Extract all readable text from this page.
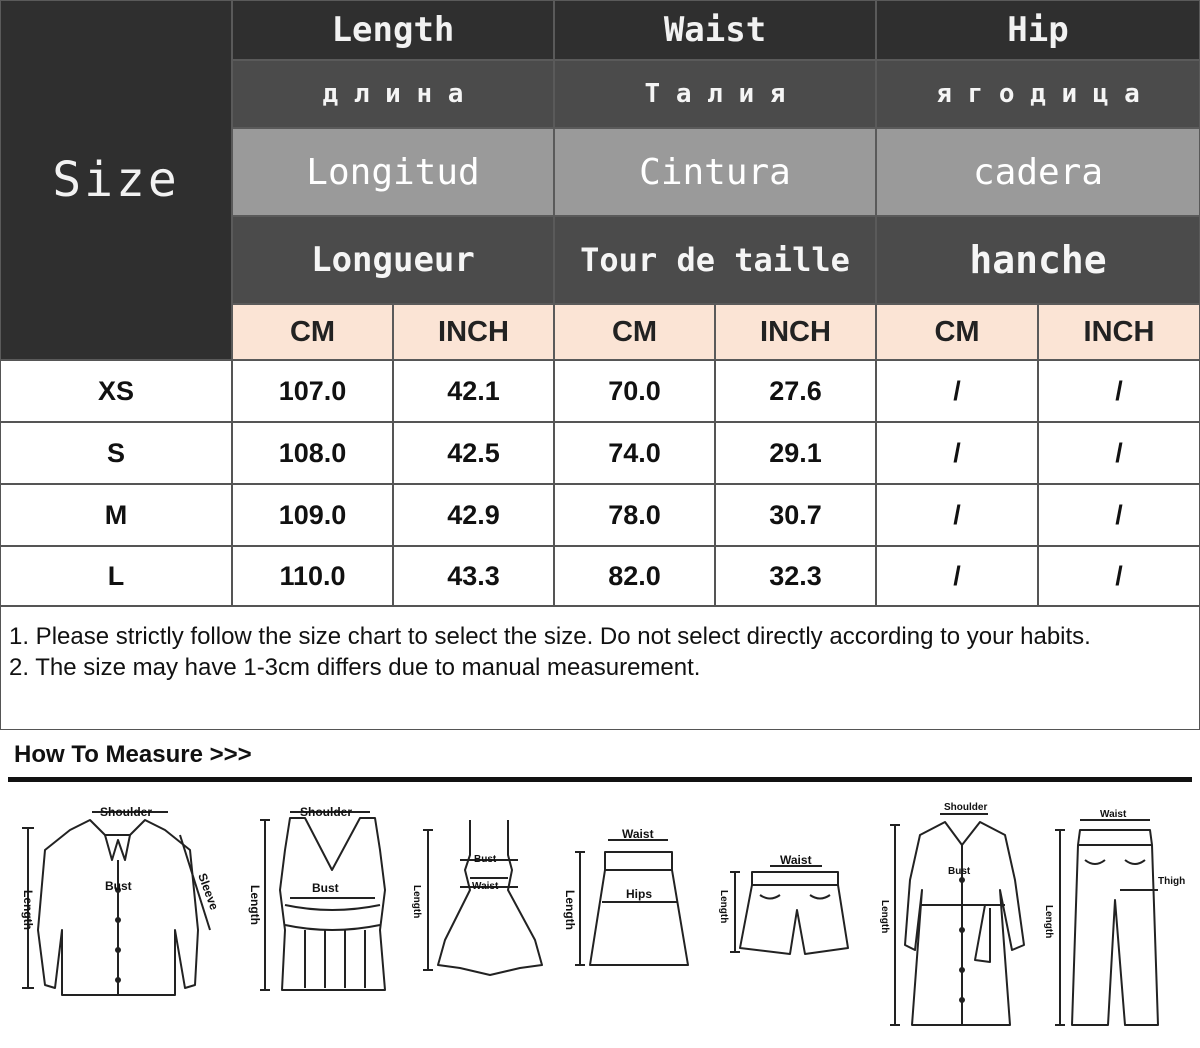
Size
Length	Waist	Hip
д л и н а	Т а л и я	я г о д и ц а
Longitud	Cintura	cadera
Longueur	Tour de taille	hanche
CM	INCH	CM	INCH	CM	INCH
XS	107.0	42.1	70.0	27.6	/	/
S	108.0	42.5	74.0	29.1	/	/
M	109.0	42.9	78.0	30.7	/	/
L	110.0	43.3	82.0	32.3	/	/
1. Please strictly follow the size chart to select the size. Do not select directly according to your habits.
2. The size may have 1-3cm differs due to manual measurement.
How To Measure >>>
Shoulder
Bust	Sleeve
Length
Shoulder
Bust
Length
Bust
Waist
Length
Waist
Hips
Length
Waist
Length
Shoulder
Bust
Length
Waist
Thigh
Length
